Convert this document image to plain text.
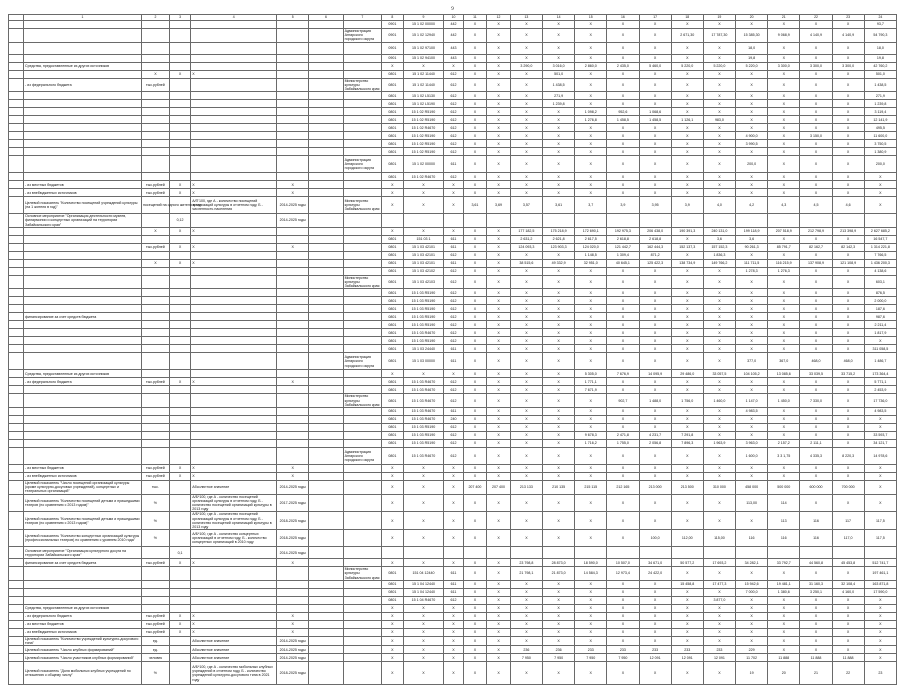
9
	1	2	3	4	5	6	7	8	9	10	11	12	13	14	15	16	17	18	19	20	21	22	23	24
								0901	15 1 02 00000	442	X	X	X	X	X	X	X	X	X	X	X	X	X	93,7
							Администрация Ангарского городского округа	0901	15 1 02 12940	442	X	X	X	X	X	X	X	2 671,30	17 787,30	15 385,30	9 068,9	4 140,9	4 140,9	54 790,3
								0901	15 1 02 97100	443	X	X	X	X	X	X	X	X	X	18,0	X	X	X	18,0
								0901	15 1 02 94100	443	X	X	X	X	X	X	X	X	X	19,8	X	X	X	19,8
	Средства, предоставленные из других источников							X	X	X	X	X	3 290,0	3 016,0	2 860,0	2 435,0	5 460,0	5 220,0	5 220,0	5 220,0	3 300,0	3 300,0	3 300,0	42 760,2
		X	X	X				0801	15 1 02 11440	612	X	X	X	501,0	X	X	X	X	X	X	X	X	X	501,0
	- из федерального бюджета	тыс.рублей					Министерство культуры Забайкальского края	0801	15 1 02 11440	612	X	X	X	1 438,5	X	X	X	X	X	X	X	X	X	1 438,5
								0801	15 1 02 L5130	612	X	X	X	271,9	X	X	X	X	X	X	X	X	X	271,9
								0801	15 1 02 L5190	612	X	X	X	1 239,8	X	X	X	X	X	X	X	X	X	1 239,8
								0801	15 1 02 R5190	612	X	X	X	X	1 098,2	952,6	1 068,6	X	X	X	X	X	X	3 119,4
								0801	15 1 02 R5190	612	X	X	X	X	1 276,8	1 458,5	1 458,5	1 126,1	983,0	X	X	X	X	12 141,9
								0801	15 1 02 R4670	612	X	X	X	X	X	X	X	X	X	X	X	X	X	495,5
								0801	15 1 02 R5190	612	X	X	X	X	X	X	X	X	X	4 900,0	X	3 150,0	X	11 600,0
								0801	15 1 02 R5190	612	X	X	X	X	X	X	X	X	X	3 990,5	X	X	X	3 750,5
								0801	15 1 02 R5190	612	X	X	X	X	X	X	X	X	X	X	X	X	X	1 380,9
							Администрация Ангарского городского округа	0801	15 1 02 00000	611	X	X	X	X	X	X	X	X	X	200,0	X	X	X	200,0
								0801	15 1 02 R4670	612	X	X	X	X	X	X	X	X	X	X	X	X	X	X
	- из местных бюджетов	тыс.рублей	X	X	X			X	X	X	X	X	X	X	X	X	X	X	X	X	X	X	X	X
	- из внебюджетных источников	тыс.рублей	X	X	X			X	X	X	X	X	X	X	X	X	X	X	X	X	X	X	X	X
	Целевой показатель "Количество посещений учреждений культуры (на 1 жителя в год)"	посещений на одного жителя в год		А/П'100, где А - количество посещений организаций культуры в отчетном году, Б - численность населения	2014-2025 годы		Министерство культуры Забайкальского края	X	X	X	3,61	3,69	3,57	3,61	3,7	3,9	3,95	3,9	4,0	4,2	4,3	4,5	4,6	X
	Основное мероприятие "Организация деятельности музеев, филармонии и концертных организаций на территории Забайкальского края"		0,12		2014-2025 годы																			
		X	X	X				X	X	X	X	X	177 182,5	175 218,9	172 690,1	192 975,3	206 438,0	190 391,3	240 131,0	199 118,9	207 518,9	212 798,9	213 398,9	2 627 685,2
								0801	151 03 1	611	X	X	2 631,2	2 621,8	2 617,5	2 618,8	2 618,8	X	3,6	3,6	X	X	X	16 547,7
		тыс.рублей	X	X	X			0801	15 1 03 42101	611	X	X	124 093,3	123 903,3	124 020,0	121 442,7	162 444,3	152 137,3	157 152,3	90 261,3	85 791,7	82 162,7	82 142,3	1 314 221,8
								0801	15 1 03 42101	612	X	X	X	X	1 148,5	1 309,4	871,2	X	1 836,3	X	X	X	X	7 766,5
		X	X	X				0801	15 1 03 42101	611	X	X	38 515,6	49 332,9	32 951,0	40 645,1	125 422,3	138 734,9	149 766,2	111 711,5	116 215,9	137 908,9	121 108,9	1 436 200,3
								0801	15 1 03 42102	612	X	X	X	X	X	X	X	X	X	1 278,3	1 276,3	X	X	4 138,6
							Министерство культуры Забайкальского края	0801	15 1 03 42103	612	X	X	X	X	X	X	X	X	X	X	X	X	X	603,1
								0801	15 1 03 R5190	612	X	X	X	X	X	X	X	X	X	X	X	X	X	876,5
								0801	15 1 03 R5190	612	X	X	X	X	X	X	X	X	X	X	X	X	X	2 000,0
								0801	15 1 03 R5190	612	X	X	X	X	X	X	X	X	X	X	X	X	X	187,6
	финансирование за счет средств бюджета							0801	15 1 03 R5190	612	X	X	X	X	X	X	X	X	X	X	X	X	X	987,6
								0801	15 1 03 R5190	612	X	X	X	X	X	X	X	X	X	X	X	X	X	2 211,4
								0801	15 1 03 R4670	612	X	X	X	X	X	X	X	X	X	X	X	X	X	1 817,9
								0801	15 1 03 R5190	612	X	X	X	X	X	X	X	X	X	X	X	X	X	X
								0801	15 1 03 24440	611	X	X	X	X	X	X	X	X	X	X	X	X	X	311 058,5
							Администрация Ангарского городского округа	0801	15 1 03 00000	611	X	X	X	X	X	X	X	X	X	377,0	367,0	468,0	468,0	1 486,7
	Средства, предоставленные из других источников							X	X	X	X	X	X	X	5 305,0	7 676,9	14 095,9	29 486,0	33 057,5	104 105,2	13 085,6	33 039,5	33 715,2	173 364,4
	- из федерального бюджета	тыс.рублей	X	X	X			0801	15 1 03 R4670	612	X	X	X	X	1 771,1	X	X	X	X	X	X	X	X	5 771,1
								0801	15 1 03 R4670	612	X	X	X	X	7 671,9	X	X	X	X	X	X	X	X	2 453,9
							Министерство культуры Забайкальского края	0801	15 1 03 R4670	612	X	X	X	X	X	902,7	1 488,0	1 756,0	1 460,0	1 147,0	1 450,0	7 330,0	X	17 736,0
								0801	15 1 03 R4670	611	X	X	X	X	X	X	X	X	X	4 983,5	X	X	X	4 983,5
								0801	15 1 03 R4670	240	X	X	X	X	X	X	X	X	X	X	X	X	X	X
								0801	15 1 03 R5190	612	X	X	X	X	X	X	X	X	X	X	X	X	X	X
								0801	15 1 03 R5190	612	X	X	X	X	9 678,3	2 471,8	4 231,7	7 291,8	X	X	X	X	X	33 593,7
								0801	15 1 03 R5190	612	X	X	X	X	1 716,2	1 755,0	2 056,8	7 896,3	1 963,9	3 963,0	2 157,2	2 111,1	X	34 121,7
							Администрация Ангарского городского округа	0801	15 1 03 R4670	612	X	X	X	X	X	X	X	X	X	1 600,0	3 3 1,75	4 335,3	8 220,3	14 978,6
	- из местных бюджетов	тыс.рублей	X	X	X			X	X	X	X	X	X	X	X	X	X	X	X	X	X	X	X	X
	- из внебюджетных источников	тыс.рублей	X	X	X			X	X	X	X	X	X	X	X	X	X	X	X	X	X	X	X	X
	Целевой показатель "Число посещений организаций культуры (кроме культурно-досуговых учреждений), концертных и театральных организаций"	тыс.		Абсолютное значение	2014-2025 годы			X	X	X	207 400	207 400	213 133	210 135	215 115	212 165	213 000	213 500	310 000	458 000	500 000	600 000	700 000	X
	Целевой показатель "Количество посещений детьми и пришедшими театров (по сравнению с 2013 годом)"	%		А/Б*100, где А - количество посещений организаций культуры в отчетном году, Б - количество посещений организаций культуры в 2013 году	2017-2025 годы			X	X	X	X	X	X	X	X	X	X	X	X	113,00	114	X	X	X
	Целевой показатель "Количество посещений детьми и пришедшими театров (по сравнению с 2013 годом)"	%		А/Б*100, где А - количество посещений организаций культуры в отчетном году, Б - количество посещений организаций культуры в 2013 году	2018-2025 годы			X	X	X	X	X	X	X	X	X	X	X	X	X	113	116	117	117,5
	Целевой показатель "Количество концертных организаций культуры (профессиональных театров) по сравнению с уровнем 2010 года"	%		А/Б*100, где А - количество концертных организаций в отчетном году, Б - количество концертных организаций в 2010 году	2018-2025 годы			X	X	X	X	X	X	X	X	X	100,0	112,00	115,00	116	116	116	117,0	117,5
	Основное мероприятие "Организация культурного досуга на территории Забайкальского края"		0,1		2014-2025 годы																			
	финансирование за счет средств бюджета	тыс.рублей	X	X	X			X	X	X	X	X	23 798,8	28 873,0	18 590,0	10 507,0	34 671,0	50 577,2	17 693,2	34 282,1	33 792,7	44 560,8	45 453,8	512 741,7
							Министерство культуры Забайкальского края	0801	151 04 12440	611	X	X	21 798,1	21 873,0	14 584,3	12 973,4	24 422,0	X	X	X	X	X	X	197 461,1
								0801	15 1 04 12440	611	X	X	X	X	X	X	X	15 458,8	17 477,3	15 942,6	19 481,1	31 160,3	32 108,4	163 871,8
								0801	15 1 04 12440	611	X	X	X	X	X	X	X	X	X	7 000,0	1 380,6	3 250,1	4 160,0	17 590,0
								0801	15 1 04 R4670	612	X	X	X	X	X	X	X	X	3 877,0	X	X	X	X	X
	Средства, предоставленные из других источников							X	X	X	X	X	X	X	X	X	X	X	X	X	X	X	X	X
	- из федерального бюджета	тыс.рублей	X	X	X			X	X	X	X	X	X	X	X	X	X	X	X	X	X	X	X	X
	- из местных бюджетов	тыс.рублей	X	X	X			X	X	X	X	X	X	X	X	X	X	X	X	X	X	X	X	X
	- из внебюджетных источников	тыс.рублей	X	X	X			X	X	X	X	X	X	X	X	X	X	X	X	X	X	X	X	X
	Целевой показатель "Количество учреждений культурно-досугового типа"	ед.		Абсолютное значение	2014-2025 годы			X	X	X	X	X	X	X	X	X	X	X	X	X	X	X	X	X
	Целевой показатель "Число клубных формирований"	ед.		Абсолютное значение	2014-2025 годы			X	X	X	X	X	236	236	233	233	233	233	233	229	X	X	X	X
	Целевой показатель "Число участников клубных формирований"	человек		Абсолютное значение	2014-2025 годы			X	X	X	X	X	7 950	7 950	7 950	7 950	12 091	12 091	12 091	11 702	11 888	11 888	11 888	X
	Целевой показатель "Доля мобильных клубных учреждений по отношению к общему числу"	%		А/Б*100, где А - количество мобильных клубных учреждений в отчетном году, Б - количество учреждений культурно-досугового типа в 2021 году	2018-2025 годы			X	X	X	X	X	X	X	X	X	X	X	X	19	20	21	22	23
